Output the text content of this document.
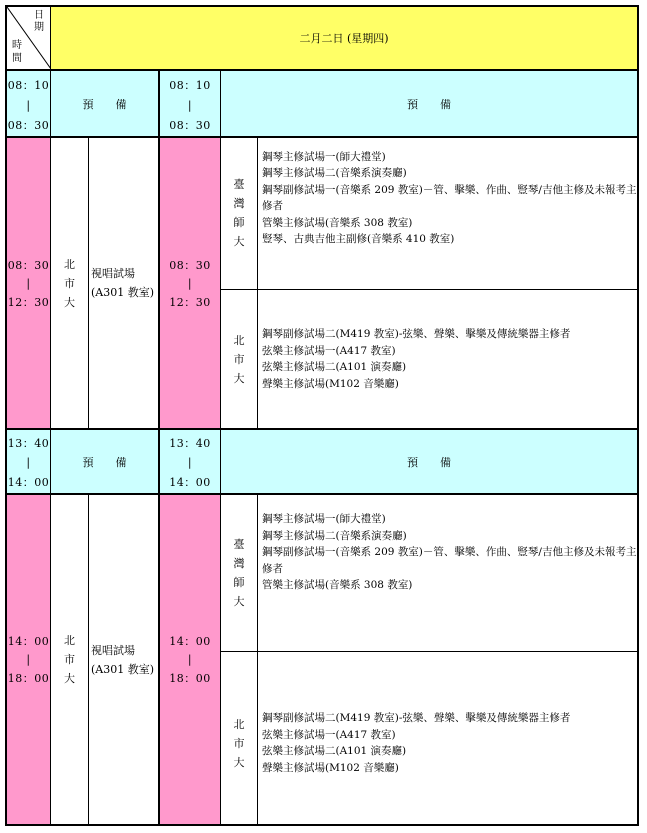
日 期
時 間
二月二日 (星期四)
08：10
|
08：30
預　　備
08：10
|
08：30
預　　備
08：30
|
12：30
北
市
大
視唱試場
(A301 教室)
08：30
|
12：30
臺
灣
師
大
鋼琴主修試場一(師大禮堂)
鋼琴主修試場二(音樂系演奏廳)
鋼琴副修試場一(音樂系 209 教室)－管、擊樂、作曲、豎琴/吉他主修及未報考主修者
管樂主修試場(音樂系 308 教室)
豎琴、古典吉他主副修(音樂系 410 教室)
北
市
大
鋼琴副修試場二(M419 教室)-弦樂、聲樂、擊樂及傳統樂器主修者
弦樂主修試場一(A417 教室)
弦樂主修試場二(A101 演奏廳)
聲樂主修試場(M102 音樂廳)
13：40
|
14：00
預　　備
13：40
|
14：00
預　　備
14：00
|
18：00
北
市
大
視唱試場
(A301 教室)
14：00
|
18：00
臺
灣
師
大
鋼琴主修試場一(師大禮堂)
鋼琴主修試場二(音樂系演奏廳)
鋼琴副修試場一(音樂系 209 教室)－管、擊樂、作曲、豎琴/吉他主修及未報考主修者
管樂主修試場(音樂系 308 教室)
北
市
大
鋼琴副修試場二(M419 教室)-弦樂、聲樂、擊樂及傳統樂器主修者
弦樂主修試場一(A417 教室)
弦樂主修試場二(A101 演奏廳)
聲樂主修試場(M102 音樂廳)
